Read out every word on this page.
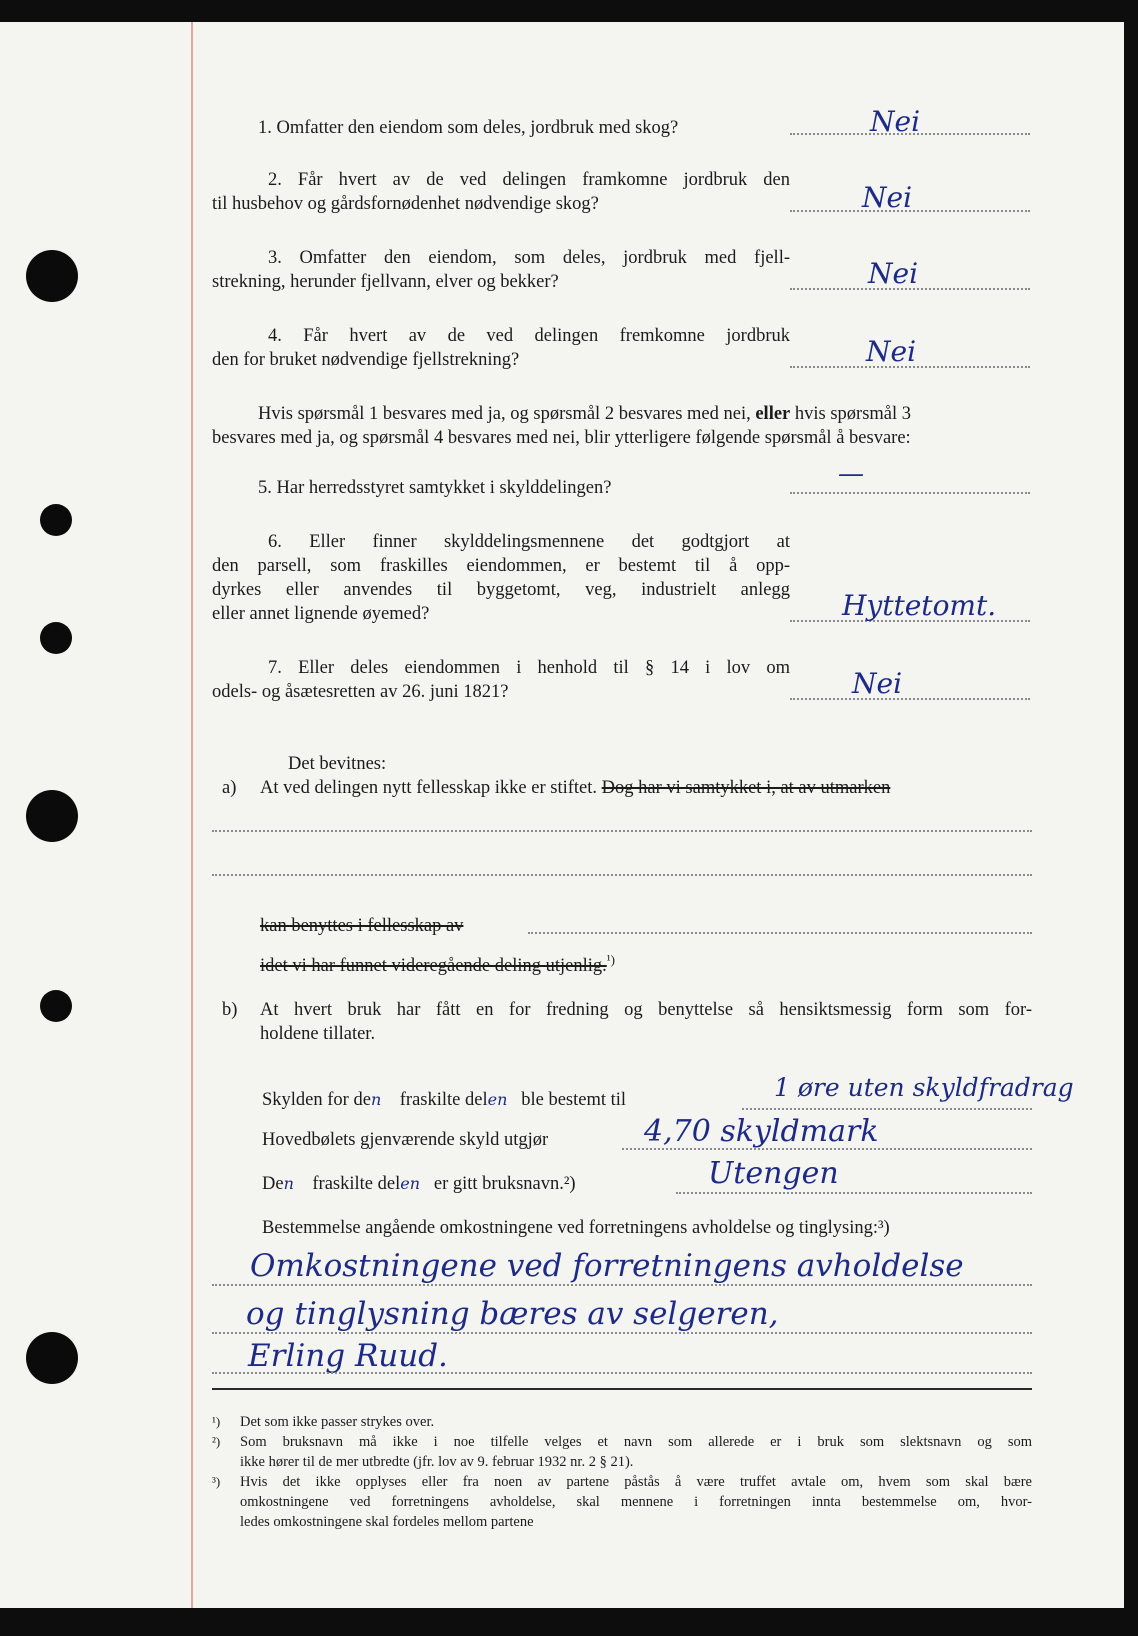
1. Omfatter den eiendom som deles, jordbruk med skog?	Nei
2. Får hvert av de ved delingen framkomne jordbruk den
til husbehov og gårdsfornødenhet nødvendige skog?	Nei
3. Omfatter den eiendom, som deles, jordbruk med fjell-
strekning, herunder fjellvann, elver og bekker?	Nei
4. Får hvert av de ved delingen fremkomne jordbruk
den for bruket nødvendige fjellstrekning?	Nei
Hvis spørsmål 1 besvares med ja, og spørsmål 2 besvares med nei, eller hvis spørsmål 3
besvares med ja, og spørsmål 4 besvares med nei, blir ytterligere følgende spørsmål å besvare:
5. Har herredsstyret samtykket i skylddelingen?	—
6. Eller finner skylddelingsmennene det godtgjort at
den parsell, som fraskilles eiendommen, er bestemt til å opp-
dyrkes eller anvendes til byggetomt, veg, industrielt anlegg
eller annet lignende øyemed?	Hyttetomt.
7. Eller deles eiendommen i henhold til § 14 i lov om
odels- og åsætesretten av 26. juni 1821?	Nei
Det bevitnes:
a) At ved delingen nytt fellesskap ikke er stiftet. Dog har vi samtykket i, at av utmarken
kan benyttes i fellesskap av
idet vi har funnet videregående deling utjenlig.$^{^1)}$
b) At hvert bruk har fått en for fredning og benyttelse så hensiktsmessig form som for-
holdene tillater.
Skylden for den fraskilte delen ble bestemt til	1 øre uten skyldfradrag
Hovedbølets gjenværende skyld utgjør	4,70 skyldmark
Den fraskilte delen er gitt bruksnavn.²)	Utengen
Bestemmelse angående omkostningene ved forretningens avholdelse og tinglysing:³)
Omkostningene ved forretningens avholdelse
og tinglysning bæres av selgeren,
Erling Ruud.
¹) Det som ikke passer strykes over.
²) Som bruksnavn må ikke i noe tilfelle velges et navn som allerede er i bruk som slektsnavn og som
ikke hører til de mer utbredte (jfr. lov av 9. februar 1932 nr. 2 § 21).
³) Hvis det ikke opplyses eller fra noen av partene påstås å være truffet avtale om, hvem som skal bære
omkostningene ved forretningens avholdelse, skal mennene i forretningen innta bestemmelse om, hvor-
ledes omkostningene skal fordeles mellom partene
